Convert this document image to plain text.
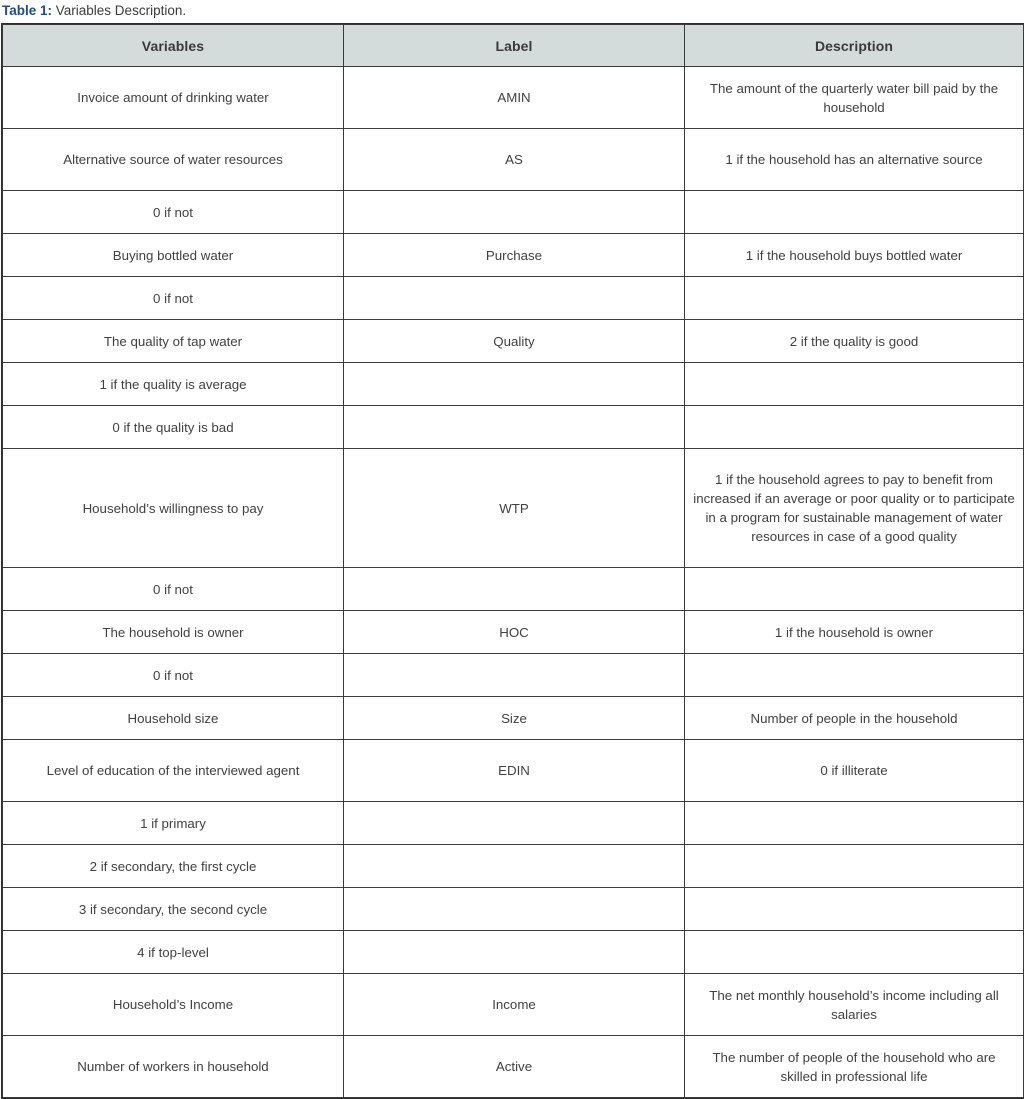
Table 1: Variables Description.
Variables	Label	Description
Invoice amount of drinking water	AMIN	The amount of the quarterly water bill paid by the household
Alternative source of water resources	AS	1 if the household has an alternative source
0 if not		
Buying bottled water	Purchase	1 if the household buys bottled water
0 if not		
The quality of tap water	Quality	2 if the quality is good
1 if the quality is average		
0 if the quality is bad		
Household’s willingness to pay	WTP	1 if the household agrees to pay to benefit from increased if an average or poor quality or to participate in a program for sustainable management of water resources in case of a good quality
0 if not		
The household is owner	HOC	1 if the household is owner
0 if not		
Household size	Size	Number of people in the household
Level of education of the interviewed agent	EDIN	0 if illiterate
1 if primary		
2 if secondary, the first cycle		
3 if secondary, the second cycle		
4 if top-level		
Household’s Income	Income	The net monthly household’s income including all salaries
Number of workers in household	Active	The number of people of the household who are skilled in professional life
